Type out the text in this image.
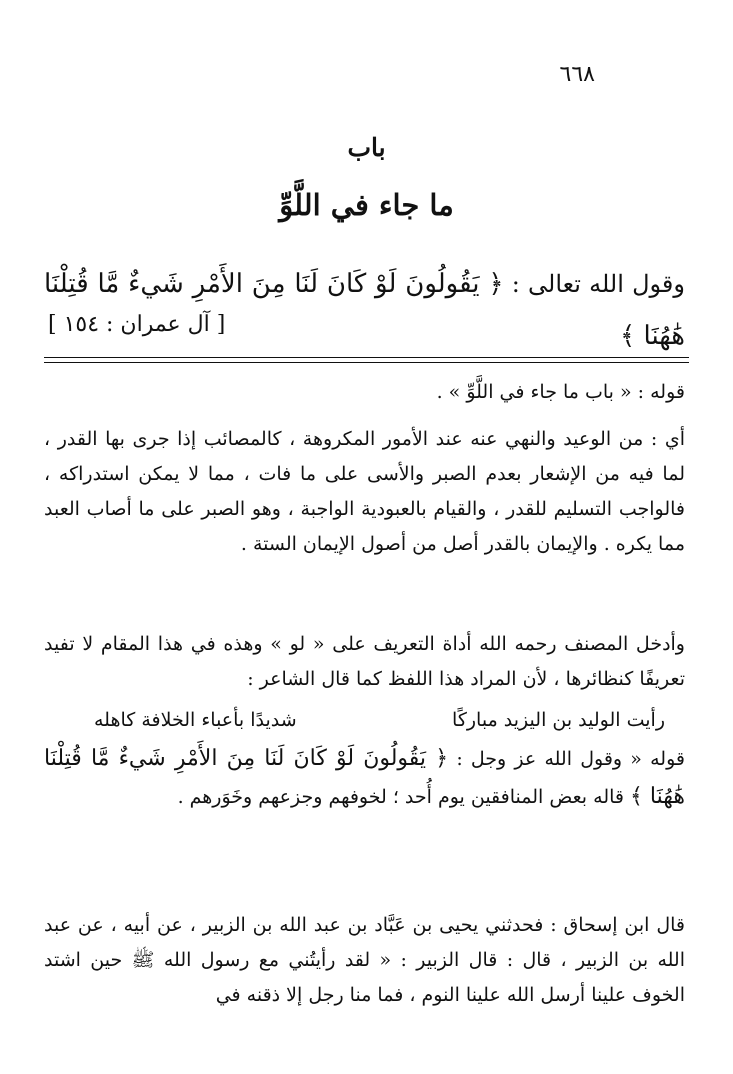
٦٦٨
باب
ما جاء في اللَّوِّ
وقول الله تعالى : ﴿ يَقُولُونَ لَوْ كَانَ لَنَا مِنَ الأَمْرِ شَيءٌ مَّا قُتِلْنَا هَٰهُنَا ﴾
[ آل عمران : ١٥٤ ]
قوله : « باب ما جاء في اللَّوِّ » .
أي : من الوعيد والنهي عنه عند الأمور المكروهة ، كالمصائب إذا جرى بها القدر ، لما فيه من الإشعار بعدم الصبر والأسى على ما فات ، مما لا يمكن استدراكه ، فالواجب التسليم للقدر ، والقيام بالعبودية الواجبة ، وهو الصبر على ما أصاب العبد مما يكره . والإيمان بالقدر أصل من أصول الإيمان الستة .
وأدخل المصنف رحمه الله أداة التعريف على « لو » وهذه في هذا المقام لا تفيد تعريفًا كنظائرها ، لأن المراد هذا اللفظ كما قال الشاعر :
رأيت الوليد بن اليزيد مباركًا
شديدًا بأعباء الخلافة كاهله
قوله « وقول الله عز وجل : ﴿ يَقُولُونَ لَوْ كَانَ لَنَا مِنَ الأَمْرِ شَيءٌ مَّا قُتِلْنَا هَٰهُنَا ﴾ قاله بعض المنافقين يوم أُحد ؛ لخوفهم وجزعهم وخَوَرهم .
قال ابن إسحاق : فحدثني يحيى بن عَبَّاد بن عبد الله بن الزبير ، عن أبيه ، عن عبد الله بن الزبير ، قال : قال الزبير : « لقد رأيتُني مع رسول الله ﷺ حين اشتد الخوف علينا أرسل الله علينا النوم ، فما منا رجل إلا ذقنه في
